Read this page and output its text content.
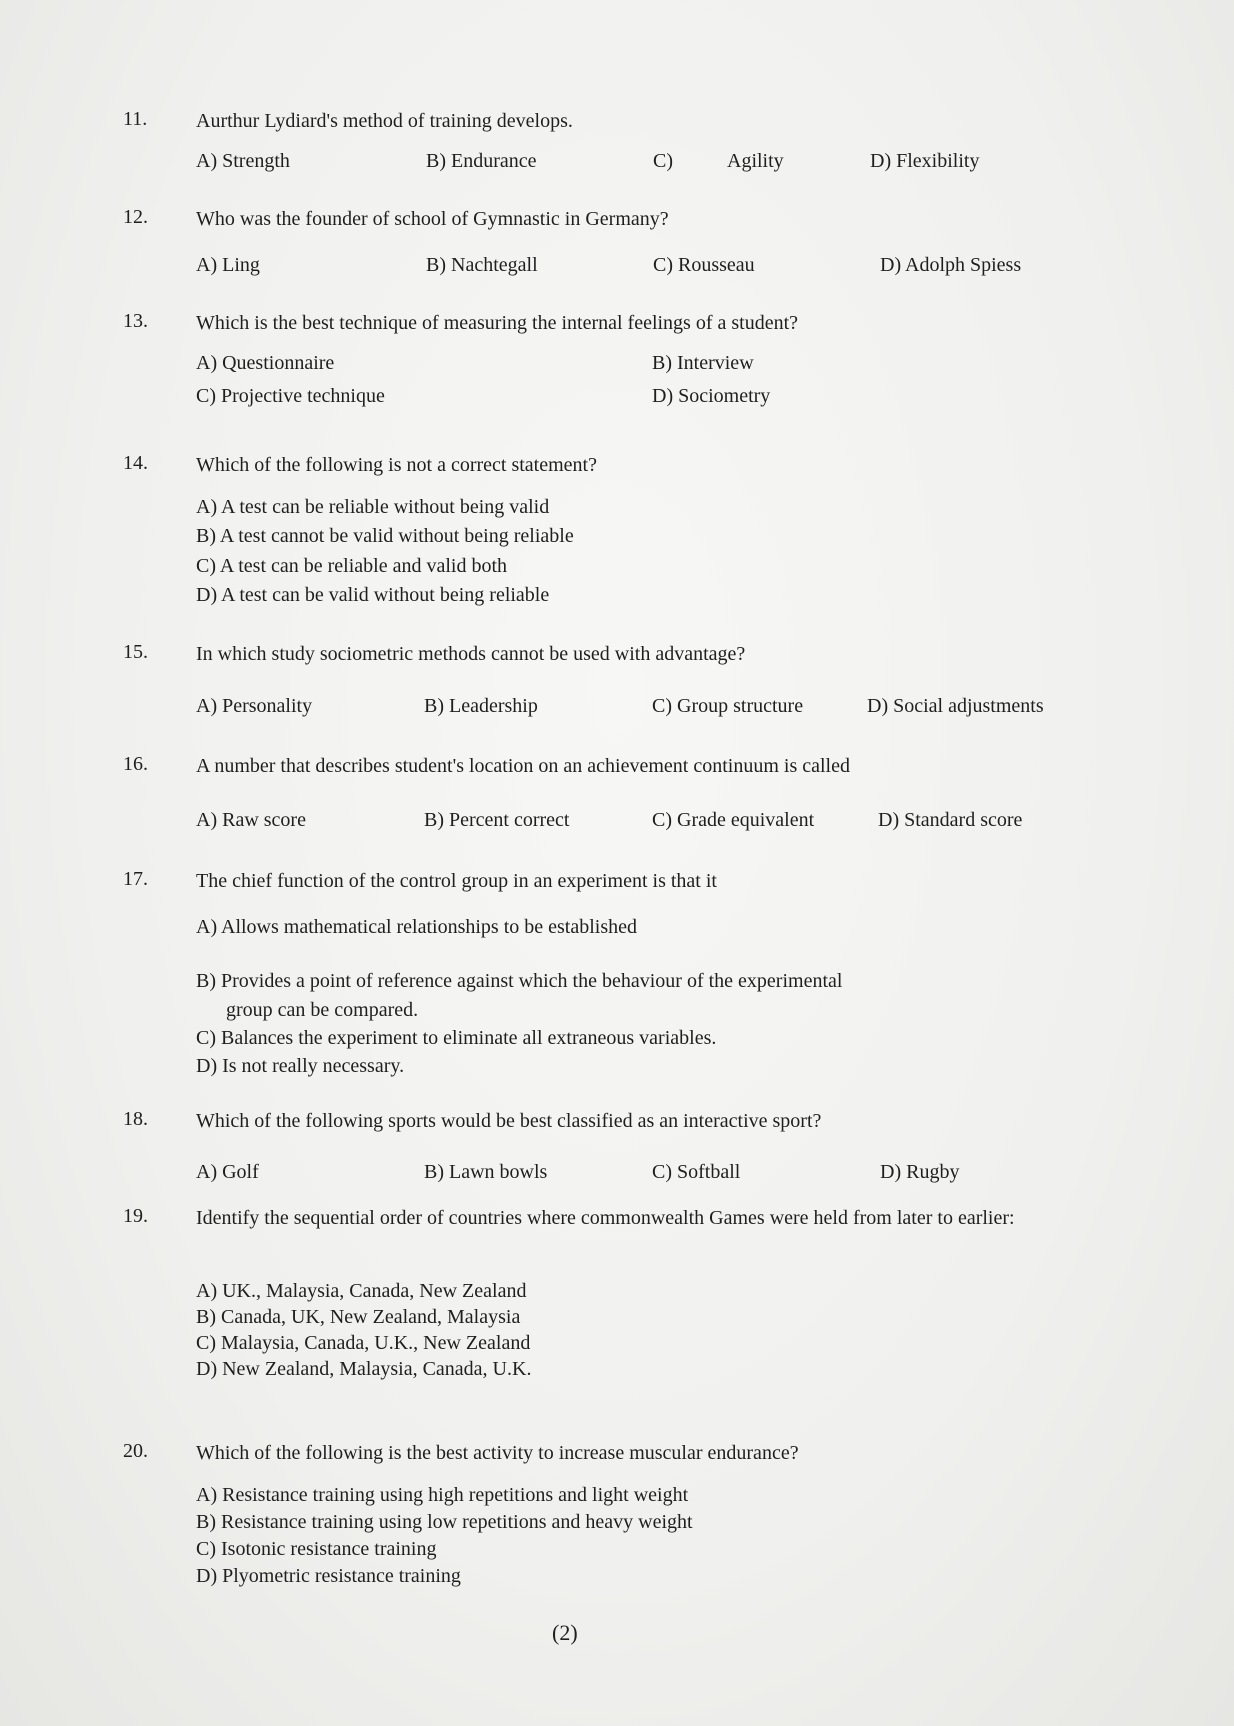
11. Aurthur Lydiard's method of training develops.
A) Strength	B) Endurance	C)	Agility	D) Flexibility
12. Who was the founder of school of Gymnastic in Germany?
A) Ling	B) Nachtegall	C) Rousseau	D) Adolph Spiess
13. Which is the best technique of measuring the internal feelings of a student?
A) Questionnaire	B) Interview
C) Projective technique	D) Sociometry
14. Which of the following is not a correct statement?
A) A test can be reliable without being valid
B) A test cannot be valid without being reliable
C) A test can be reliable and valid both
D) A test can be valid without being reliable
15. In which study sociometric methods cannot be used with advantage?
A) Personality	B) Leadership	C) Group structure	D) Social adjustments
16. A number that describes student's location on an achievement continuum is called
A) Raw score	B) Percent correct	C) Grade equivalent	D) Standard score
17. The chief function of the control group in an experiment is that it
A) Allows mathematical relationships to be established
B) Provides a point of reference against which the behaviour of the experimental
group can be compared.
C) Balances the experiment to eliminate all extraneous variables.
D) Is not really necessary.
18. Which of the following sports would be best classified as an interactive sport?
A) Golf	B) Lawn bowls	C) Softball	D) Rugby
19. Identify the sequential order of countries where commonwealth Games were held from later to earlier:
A) UK., Malaysia, Canada, New Zealand
B) Canada, UK, New Zealand, Malaysia
C) Malaysia, Canada, U.K., New Zealand
D) New Zealand, Malaysia, Canada, U.K.
20. Which of the following is the best activity to increase muscular endurance?
A) Resistance training using high repetitions and light weight
B) Resistance training using low repetitions and heavy weight
C) Isotonic resistance training
D) Plyometric resistance training
(2)
